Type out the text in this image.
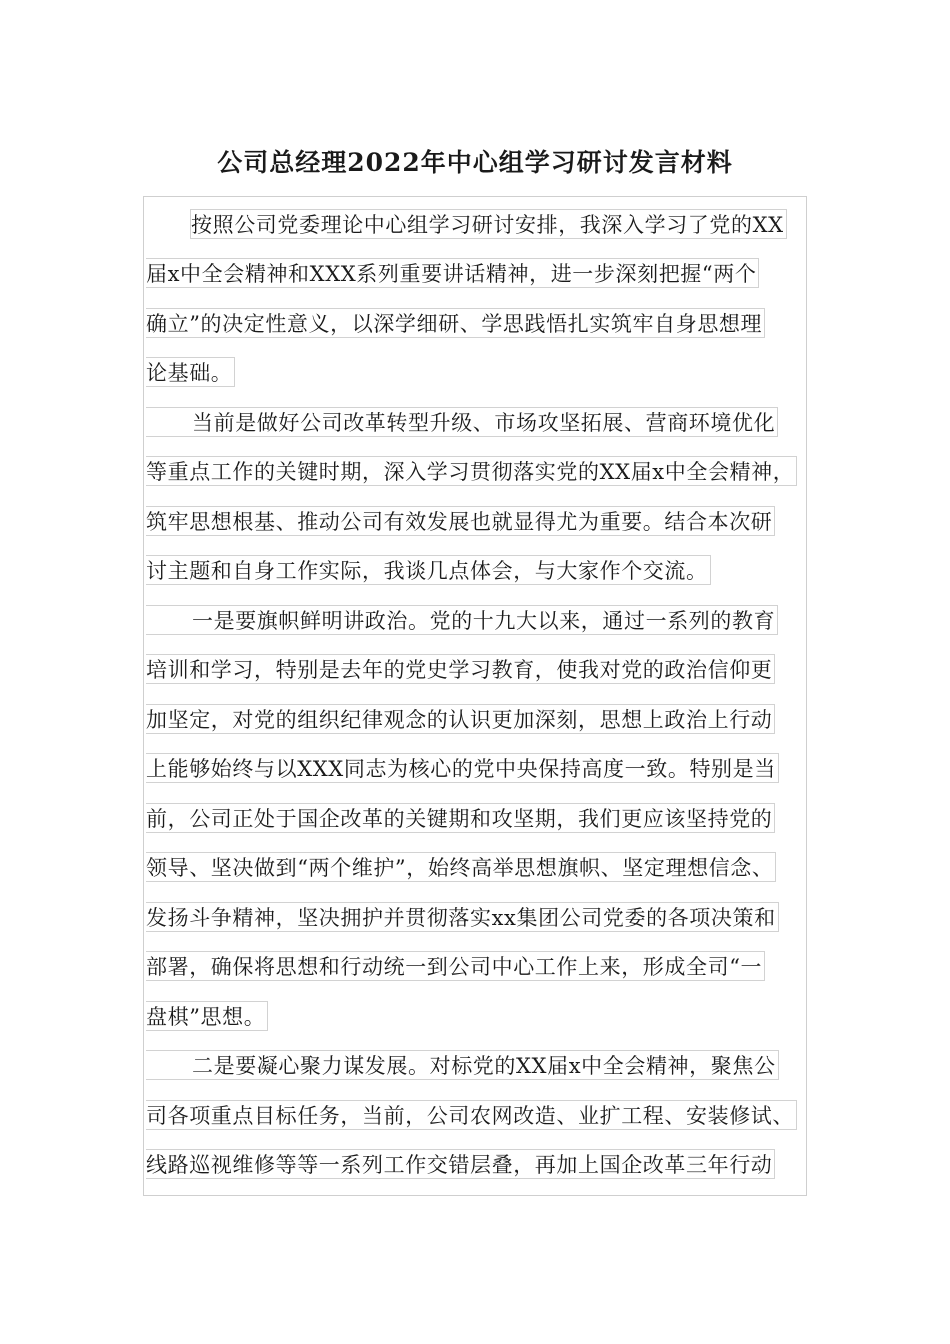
公司总经理2022年中心组学习研讨发言材料
按照公司党委理论中心组学习研讨安排，我深入学习了党的XX
届x中全会精神和XXX系列重要讲话精神，进一步深刻把握“两个
确立”的决定性意义，以深学细研、学思践悟扎实筑牢自身思想理
论基础。
当前是做好公司改革转型升级、市场攻坚拓展、营商环境优化
等重点工作的关键时期，深入学习贯彻落实党的XX届x中全会精神，
筑牢思想根基、推动公司有效发展也就显得尤为重要。结合本次研
讨主题和自身工作实际，我谈几点体会，与大家作个交流。
一是要旗帜鲜明讲政治。党的十九大以来，通过一系列的教育
培训和学习，特别是去年的党史学习教育，使我对党的政治信仰更
加坚定，对党的组织纪律观念的认识更加深刻，思想上政治上行动
上能够始终与以XXX同志为核心的党中央保持高度一致。特别是当
前，公司正处于国企改革的关键期和攻坚期，我们更应该坚持党的
领导、坚决做到“两个维护”，始终高举思想旗帜、坚定理想信念、
发扬斗争精神，坚决拥护并贯彻落实xx集团公司党委的各项决策和
部署，确保将思想和行动统一到公司中心工作上来，形成全司“一
盘棋”思想。
二是要凝心聚力谋发展。对标党的XX届x中全会精神，聚焦公
司各项重点目标任务，当前，公司农网改造、业扩工程、安装修试、
线路巡视维修等等一系列工作交错层叠，再加上国企改革三年行动
